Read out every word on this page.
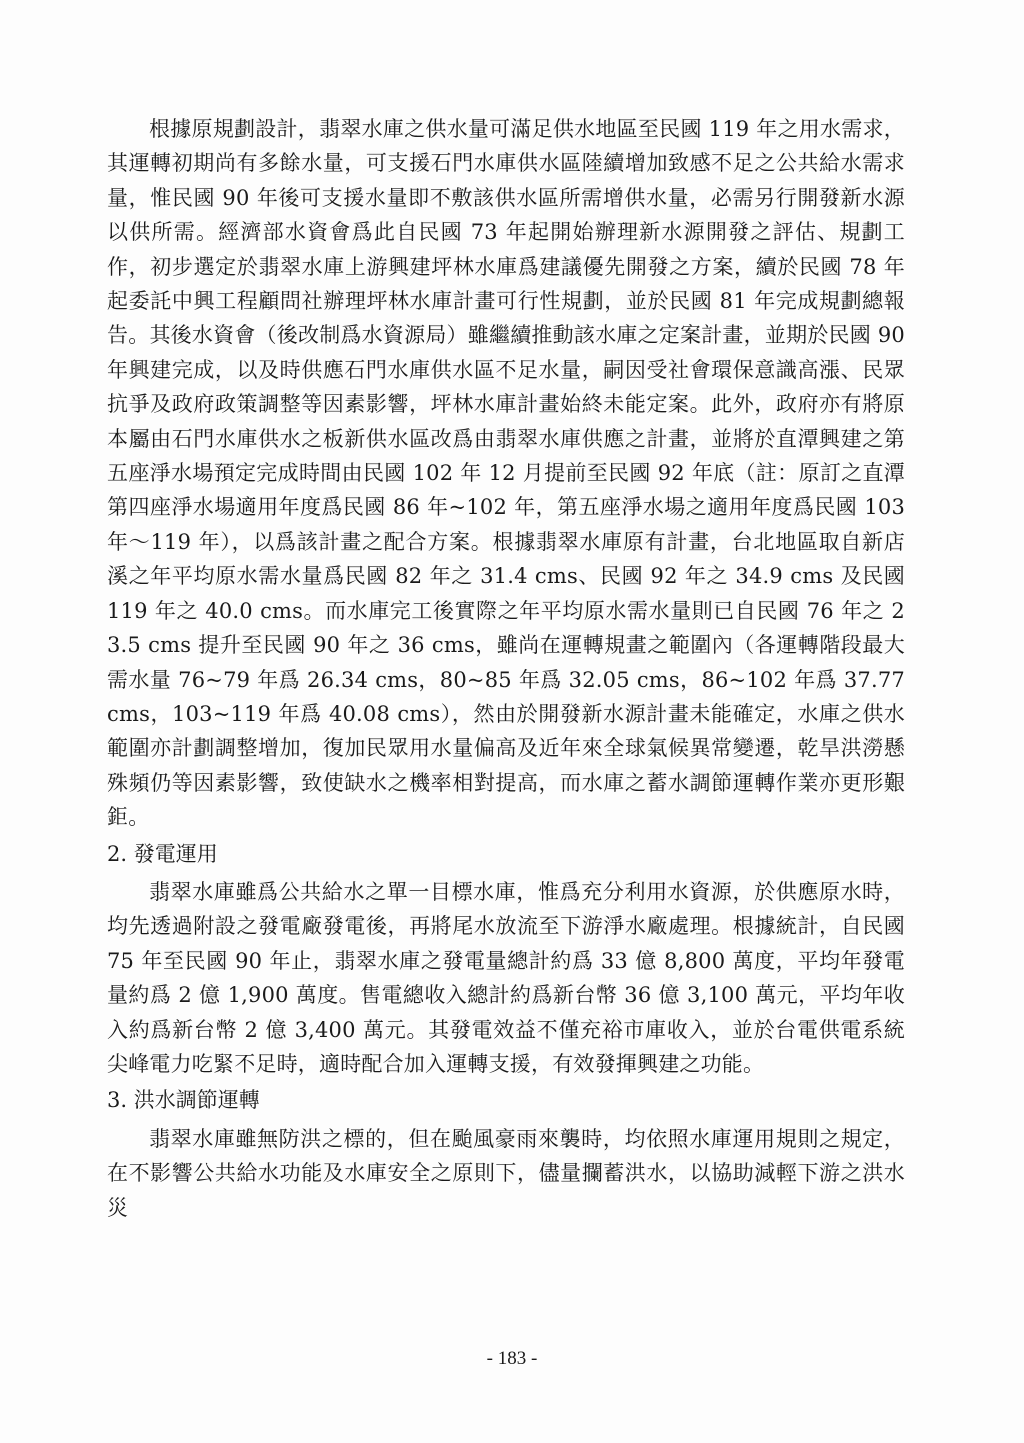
根據原規劃設計，翡翠水庫之供水量可滿足供水地區至民國 119 年之用水需求，其運轉初期尚有多餘水量，可支援石門水庫供水區陸續增加致感不足之公共給水需求量，惟民國 90 年後可支援水量即不敷該供水區所需增供水量，必需另行開發新水源以供所需。經濟部水資會爲此自民國 73 年起開始辦理新水源開發之評估、規劃工作，初步選定於翡翠水庫上游興建坪林水庫爲建議優先開發之方案，續於民國 78 年起委託中興工程顧問社辦理坪林水庫計畫可行性規劃，並於民國 81 年完成規劃總報告。其後水資會（後改制爲水資源局）雖繼續推動該水庫之定案計畫，並期於民國 90 年興建完成，以及時供應石門水庫供水區不足水量，嗣因受社會環保意識高漲、民眾抗爭及政府政策調整等因素影響，坪林水庫計畫始終未能定案。此外，政府亦有將原本屬由石門水庫供水之板新供水區改爲由翡翠水庫供應之計畫，並將於直潭興建之第五座淨水場預定完成時間由民國 102 年 12 月提前至民國 92 年底（註：原訂之直潭第四座淨水場適用年度爲民國 86 年~102 年，第五座淨水場之適用年度爲民國 103 年～119 年），以爲該計畫之配合方案。根據翡翠水庫原有計畫，台北地區取自新店溪之年平均原水需水量爲民國 82 年之 31.4 cms、民國 92 年之 34.9 cms 及民國 119 年之 40.0 cms。而水庫完工後實際之年平均原水需水量則已自民國 76 年之 23.5 cms 提升至民國 90 年之 36 cms，雖尚在運轉規畫之範圍內（各運轉階段最大需水量 76~79 年爲 26.34 cms，80~85 年爲 32.05 cms，86~102 年爲 37.77 cms，103~119 年爲 40.08 cms），然由於開發新水源計畫未能確定，水庫之供水範圍亦計劃調整增加，復加民眾用水量偏高及近年來全球氣候異常變遷，乾旱洪澇懸殊頻仍等因素影響，致使缺水之機率相對提高，而水庫之蓄水調節運轉作業亦更形艱鉅。

2. 發電運用

翡翠水庫雖爲公共給水之單一目標水庫，惟爲充分利用水資源，於供應原水時，均先透過附設之發電廠發電後，再將尾水放流至下游淨水廠處理。根據統計，自民國 75 年至民國 90 年止，翡翠水庫之發電量總計約爲 33 億 8,800 萬度，平均年發電量約爲 2 億 1,900 萬度。售電總收入總計約爲新台幣 36 億 3,100 萬元，平均年收入約爲新台幣 2 億 3,400 萬元。其發電效益不僅充裕市庫收入，並於台電供電系統尖峰電力吃緊不足時，適時配合加入運轉支援，有效發揮興建之功能。

3. 洪水調節運轉

翡翠水庫雖無防洪之標的，但在颱風豪雨來襲時，均依照水庫運用規則之規定，在不影響公共給水功能及水庫安全之原則下，儘量攔蓄洪水，以協助減輕下游之洪水災

- 183 -
